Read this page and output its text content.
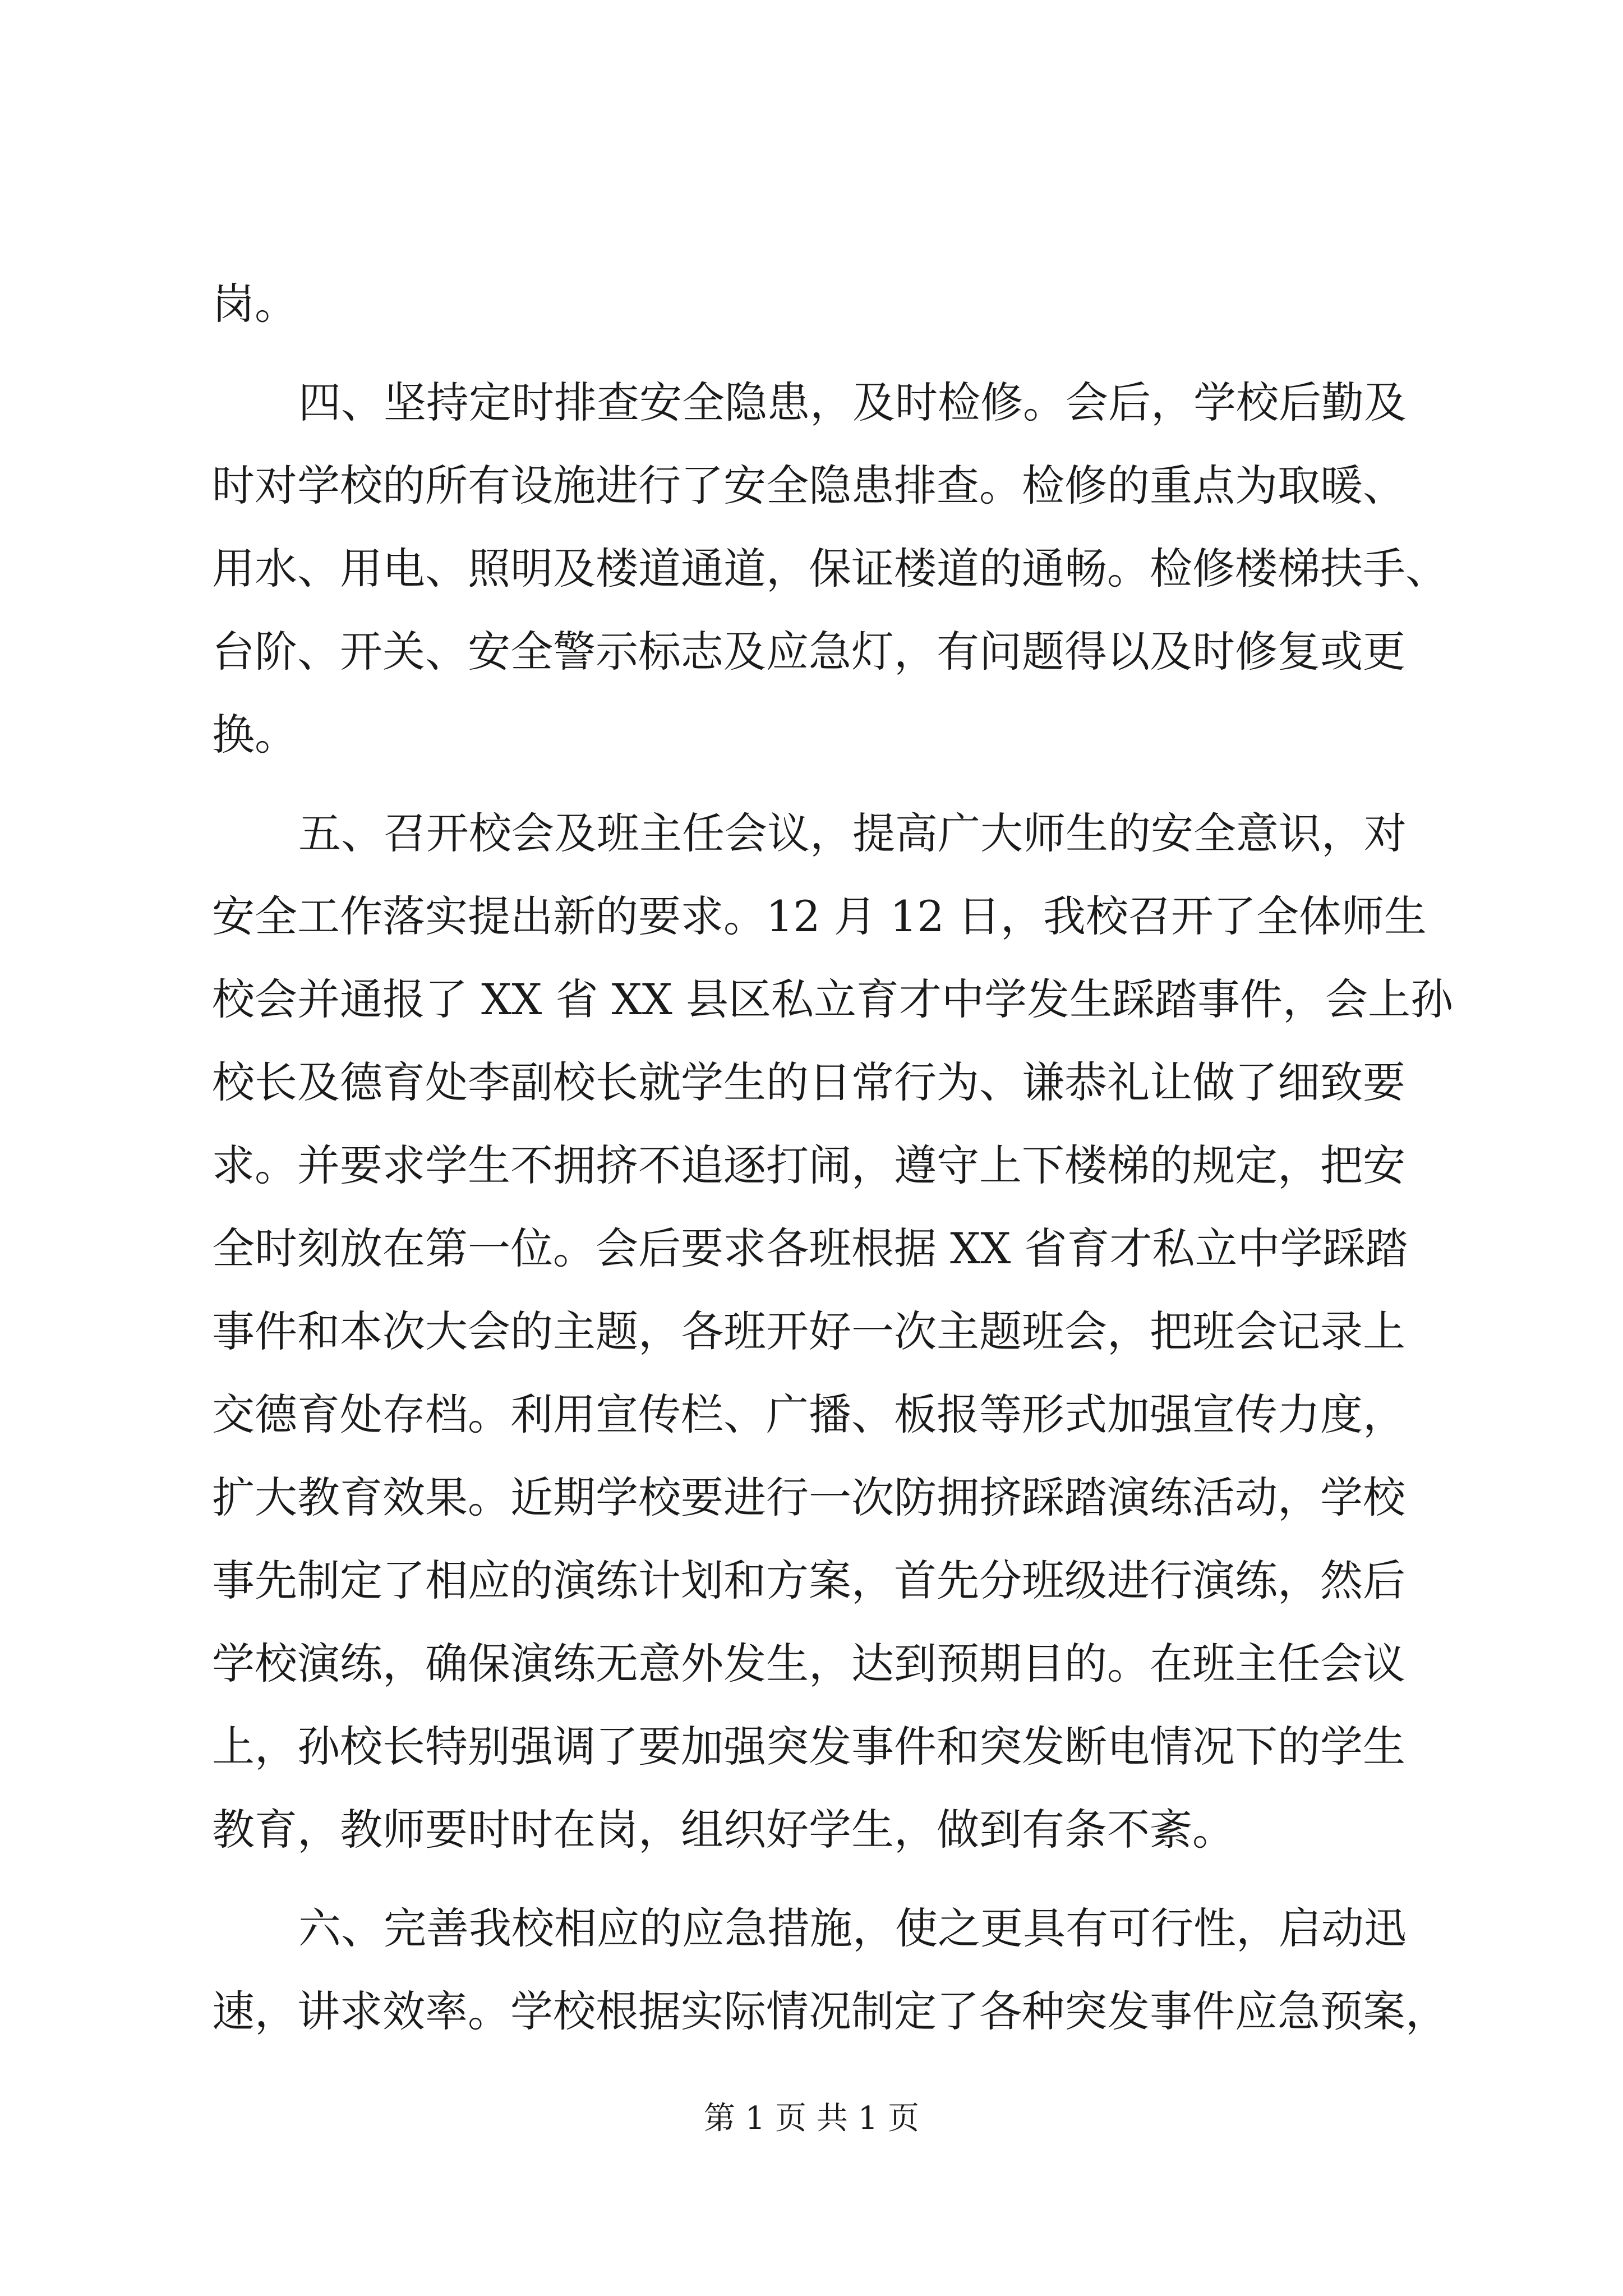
岗。
四、坚持定时排查安全隐患，及时检修。会后，学校后勤及
时对学校的所有设施进行了安全隐患排查。检修的重点为取暖、
用水、用电、照明及楼道通道，保证楼道的通畅。检修楼梯扶手、
台阶、开关、安全警示标志及应急灯，有问题得以及时修复或更
换。
五、召开校会及班主任会议，提高广大师生的安全意识，对
安全工作落实提出新的要求。12 月 12 日，我校召开了全体师生
校会并通报了 XX 省 XX 县区私立育才中学发生踩踏事件，会上孙
校长及德育处李副校长就学生的日常行为、谦恭礼让做了细致要
求。并要求学生不拥挤不追逐打闹，遵守上下楼梯的规定，把安
全时刻放在第一位。会后要求各班根据 XX 省育才私立中学踩踏
事件和本次大会的主题，各班开好一次主题班会，把班会记录上
交德育处存档。利用宣传栏、广播、板报等形式加强宣传力度，
扩大教育效果。近期学校要进行一次防拥挤踩踏演练活动，学校
事先制定了相应的演练计划和方案，首先分班级进行演练，然后
学校演练，确保演练无意外发生，达到预期目的。在班主任会议
上，孙校长特别强调了要加强突发事件和突发断电情况下的学生
教育，教师要时时在岗，组织好学生，做到有条不紊。
六、完善我校相应的应急措施，使之更具有可行性，启动迅
速，讲求效率。学校根据实际情况制定了各种突发事件应急预案，
第 1 页 共 1 页
